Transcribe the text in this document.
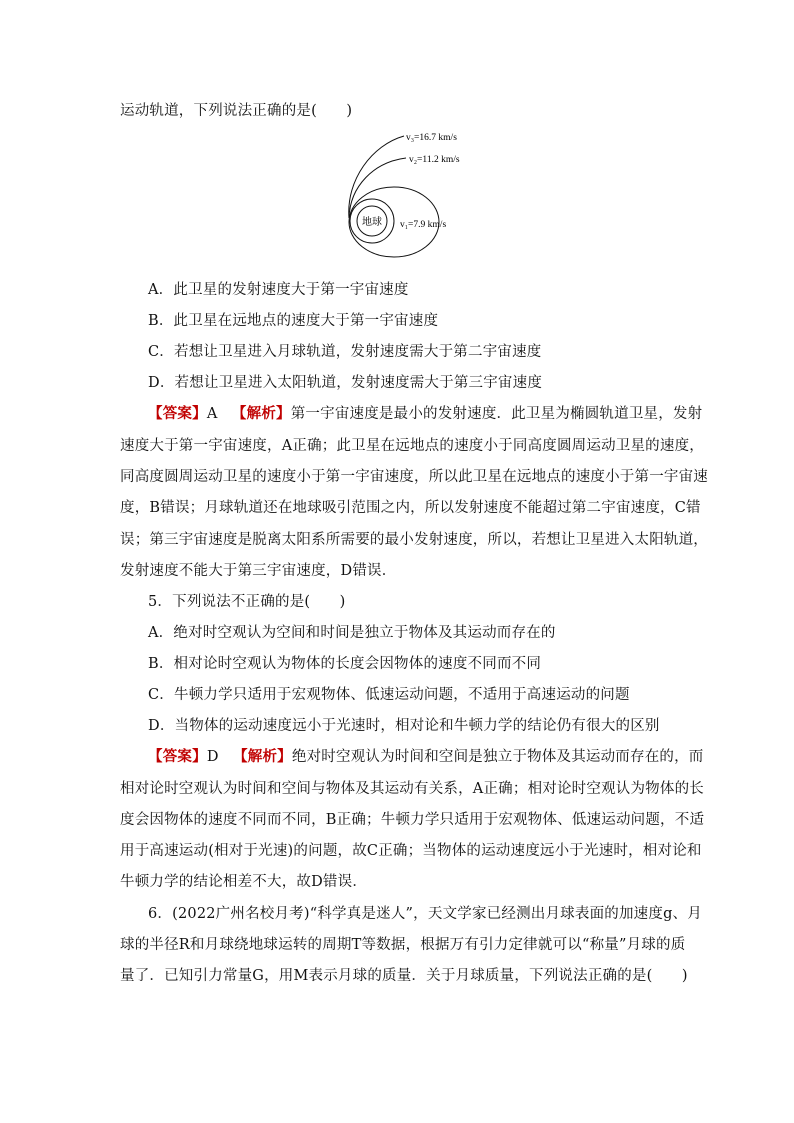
运动轨道，下列说法正确的是(　　)
地球
v₃=16.7 km/s
v₂=11.2 km/s
v₁=7.9 km/s
A．此卫星的发射速度大于第一宇宙速度
B．此卫星在远地点的速度大于第一宇宙速度
C．若想让卫星进入月球轨道，发射速度需大于第二宇宙速度
D．若想让卫星进入太阳轨道，发射速度需大于第三宇宙速度
【答案】A 【解析】第一宇宙速度是最小的发射速度．此卫星为椭圆轨道卫星，发射
速度大于第一宇宙速度，A正确；此卫星在远地点的速度小于同高度圆周运动卫星的速度，
同高度圆周运动卫星的速度小于第一宇宙速度，所以此卫星在远地点的速度小于第一宇宙速
度，B错误；月球轨道还在地球吸引范围之内，所以发射速度不能超过第二宇宙速度，C错
误；第三宇宙速度是脱离太阳系所需要的最小发射速度，所以，若想让卫星进入太阳轨道，
发射速度不能大于第三宇宙速度，D错误．
5．下列说法不正确的是(　　)
A．绝对时空观认为空间和时间是独立于物体及其运动而存在的
B．相对论时空观认为物体的长度会因物体的速度不同而不同
C．牛顿力学只适用于宏观物体、低速运动问题，不适用于高速运动的问题
D．当物体的运动速度远小于光速时，相对论和牛顿力学的结论仍有很大的区别
【答案】D 【解析】绝对时空观认为时间和空间是独立于物体及其运动而存在的，而
相对论时空观认为时间和空间与物体及其运动有关系，A正确；相对论时空观认为物体的长
度会因物体的速度不同而不同，B正确；牛顿力学只适用于宏观物体、低速运动问题，不适
用于高速运动(相对于光速)的问题，故C正确；当物体的运动速度远小于光速时，相对论和
牛顿力学的结论相差不大，故D错误．
6．(2022广州名校月考)“科学真是迷人”，天文学家已经测出月球表面的加速度g、月
球的半径R和月球绕地球运转的周期T等数据，根据万有引力定律就可以“称量”月球的质
量了．已知引力常量G，用M表示月球的质量．关于月球质量，下列说法正确的是(　　)
